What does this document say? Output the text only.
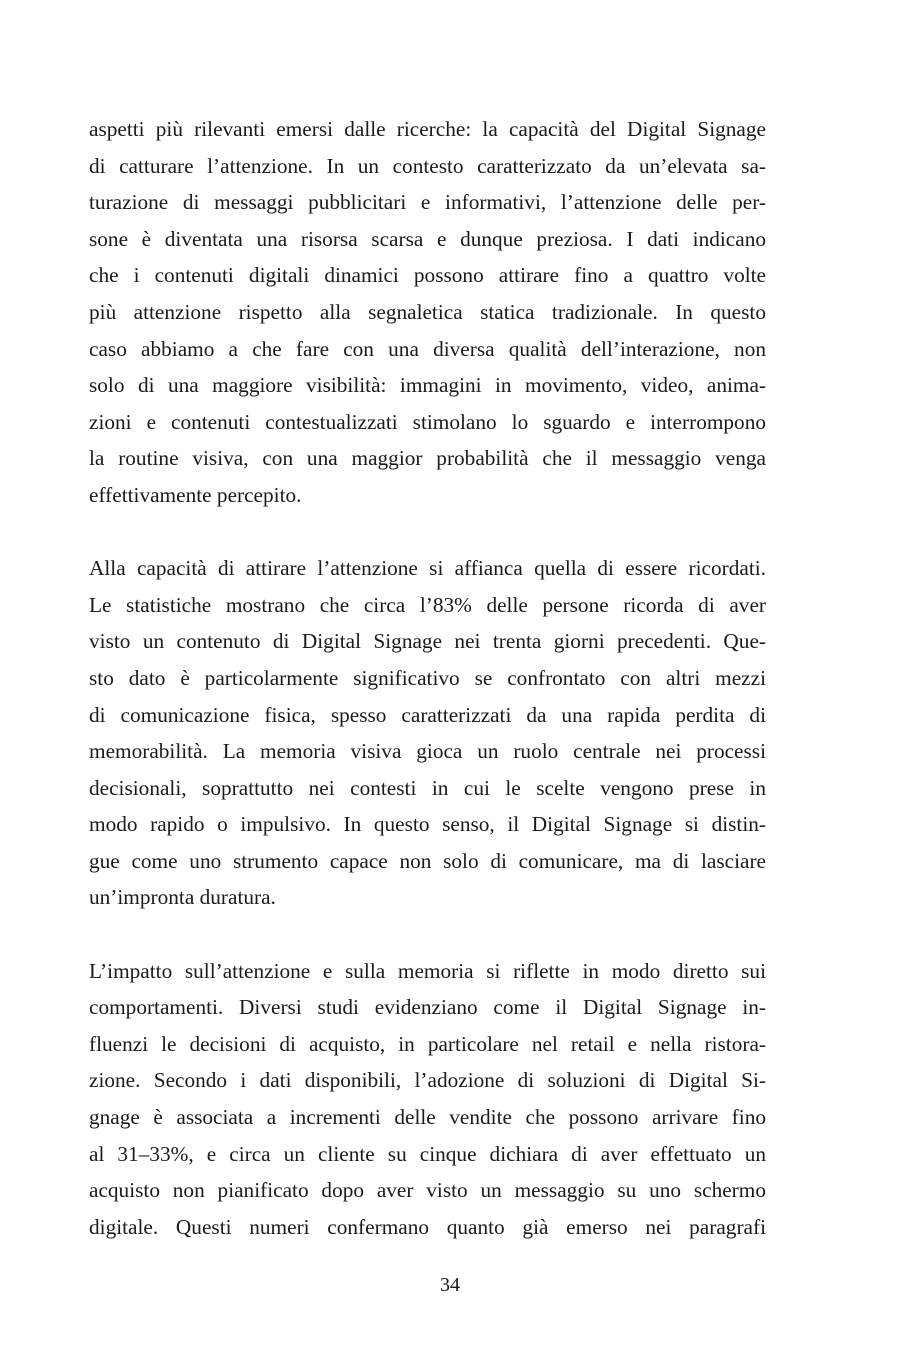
aspetti più rilevanti emersi dalle ricerche: la capacità del Digital Signage
di catturare l’attenzione. In un contesto caratterizzato da un’elevata sa-
turazione di messaggi pubblicitari e informativi, l’attenzione delle per-
sone è diventata una risorsa scarsa e dunque preziosa. I dati indicano
che i contenuti digitali dinamici possono attirare fino a quattro volte
più attenzione rispetto alla segnaletica statica tradizionale. In questo
caso abbiamo a che fare con una diversa qualità dell’interazione, non
solo di una maggiore visibilità: immagini in movimento, video, anima-
zioni e contenuti contestualizzati stimolano lo sguardo e interrompono
la routine visiva, con una maggior probabilità che il messaggio venga
effettivamente percepito.
Alla capacità di attirare l’attenzione si affianca quella di essere ricordati.
Le statistiche mostrano che circa l’83% delle persone ricorda di aver
visto un contenuto di Digital Signage nei trenta giorni precedenti. Que-
sto dato è particolarmente significativo se confrontato con altri mezzi
di comunicazione fisica, spesso caratterizzati da una rapida perdita di
memorabilità. La memoria visiva gioca un ruolo centrale nei processi
decisionali, soprattutto nei contesti in cui le scelte vengono prese in
modo rapido o impulsivo. In questo senso, il Digital Signage si distin-
gue come uno strumento capace non solo di comunicare, ma di lasciare
un’impronta duratura.
L’impatto sull’attenzione e sulla memoria si riflette in modo diretto sui
comportamenti. Diversi studi evidenziano come il Digital Signage in-
fluenzi le decisioni di acquisto, in particolare nel retail e nella ristora-
zione. Secondo i dati disponibili, l’adozione di soluzioni di Digital Si-
gnage è associata a incrementi delle vendite che possono arrivare fino
al 31–33%, e circa un cliente su cinque dichiara di aver effettuato un
acquisto non pianificato dopo aver visto un messaggio su uno schermo
digitale. Questi numeri confermano quanto già emerso nei paragrafi
34
